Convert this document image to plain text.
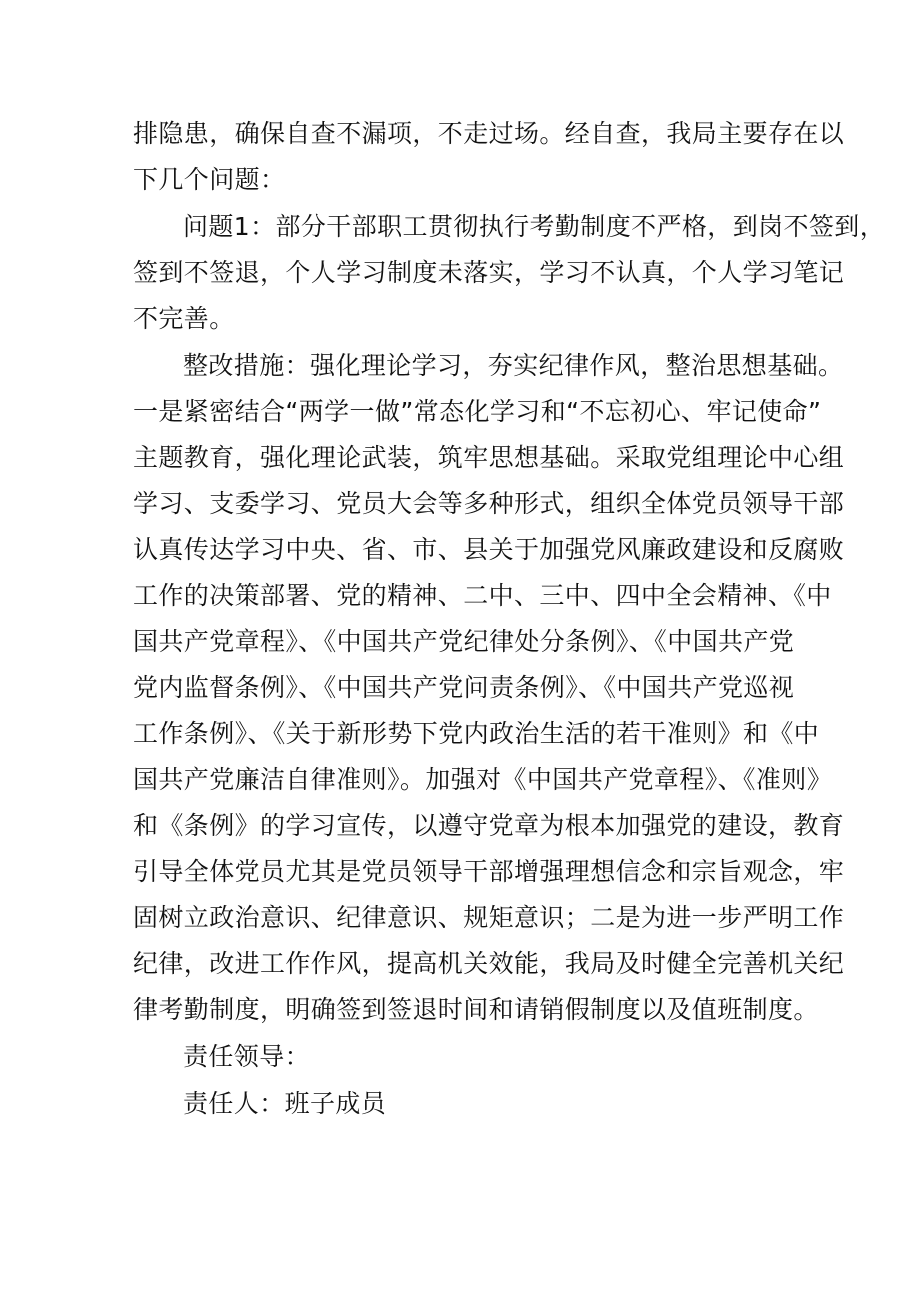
排隐患，确保自查不漏项，不走过场。经自查，我局主要存在以
下几个问题：
问题1：部分干部职工贯彻执行考勤制度不严格，到岗不签到，
签到不签退，个人学习制度未落实，学习不认真，个人学习笔记
不完善。
整改措施：强化理论学习，夯实纪律作风，整治思想基础。
一是紧密结合“两学一做”常态化学习和“不忘初心、牢记使命”
主题教育，强化理论武装，筑牢思想基础。采取党组理论中心组
学习、支委学习、党员大会等多种形式，组织全体党员领导干部
认真传达学习中央、省、市、县关于加强党风廉政建设和反腐败
工作的决策部署、党的精神、二中、三中、四中全会精神、《中
国共产党章程》、《中国共产党纪律处分条例》、《中国共产党
党内监督条例》、《中国共产党问责条例》、《中国共产党巡视
工作条例》、《关于新形势下党内政治生活的若干准则》和《中
国共产党廉洁自律准则》。加强对《中国共产党章程》、《准则》
和《条例》的学习宣传，以遵守党章为根本加强党的建设，教育
引导全体党员尤其是党员领导干部增强理想信念和宗旨观念，牢
固树立政治意识、纪律意识、规矩意识；二是为进一步严明工作
纪律，改进工作作风，提高机关效能，我局及时健全完善机关纪
律考勤制度，明确签到签退时间和请销假制度以及值班制度。
责任领导：
责任人：班子成员
